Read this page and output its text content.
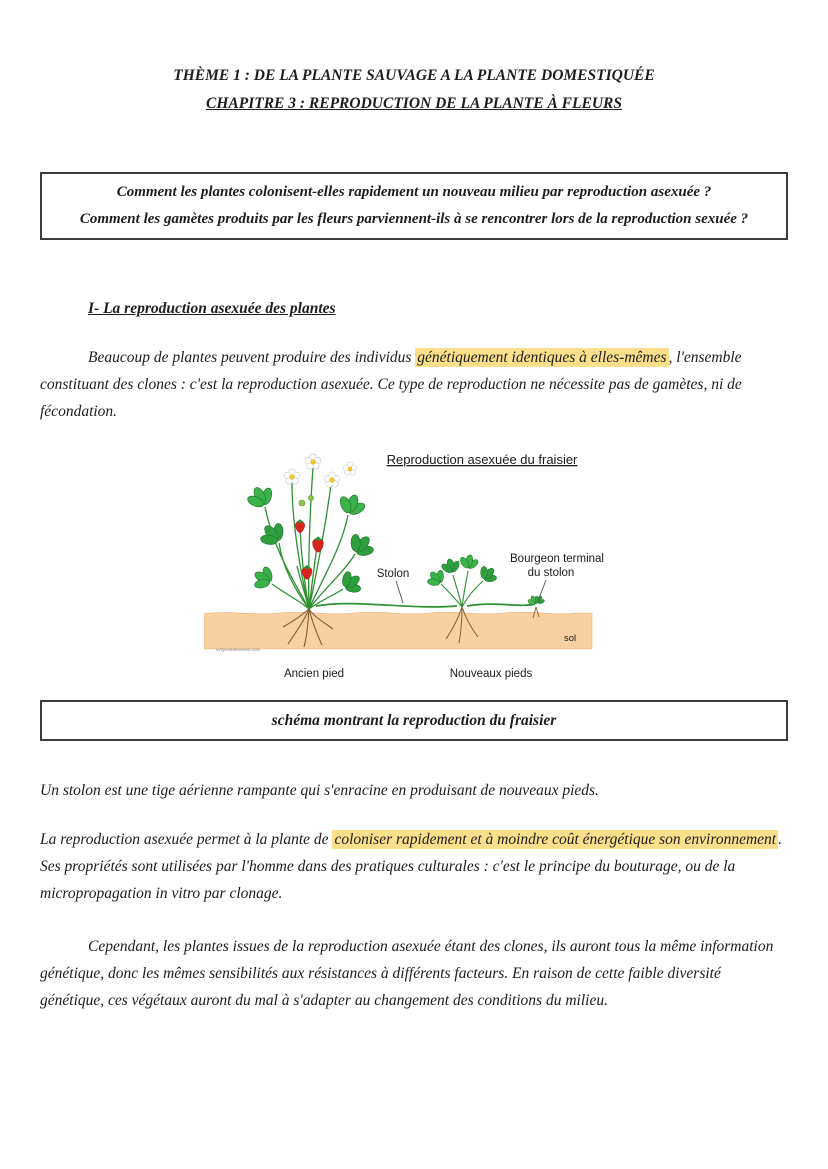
THÈME 1 : DE LA PLANTE SAUVAGE A LA PLANTE DOMESTIQUÉE
CHAPITRE 3 : REPRODUCTION DE LA PLANTE À FLEURS

Comment les plantes colonisent-elles rapidement un nouveau milieu par reproduction asexuée ?

Comment les gamètes produits par les fleurs parviennent-ils à se rencontrer lors de la reproduction sexuée ?

I- La reproduction asexuée des plantes

Beaucoup de plantes peuvent produire des individus génétiquement identiques à elles-mêmes , l'ensemble constituant des clones : c'est la reproduction asexuée. Ce type de reproduction ne nécessite pas de gamètes, ni de fécondation.

Reproduction asexuée du fraisier
Stolon
Bourgeon terminal
du stolon
sol
svtlyceedevienne.com
Ancien pied	Nouveaux pieds

schéma montrant la reproduction du fraisier

Un stolon est une tige aérienne rampante qui s'enracine en produisant de nouveaux pieds.

La reproduction asexuée permet à la plante de coloniser rapidement et à moindre coût énergétique son environnement . Ses propriétés sont utilisées par l'homme dans des pratiques culturales : c'est le principe du bouturage, ou de la micropropagation in vitro par clonage.

Cependant, les plantes issues de la reproduction asexuée étant des clones, ils auront tous la même information génétique, donc les mêmes sensibilités aux résistances à différents facteurs. En raison de cette faible diversité génétique, ces végétaux auront du mal à s'adapter au changement des conditions du milieu.
